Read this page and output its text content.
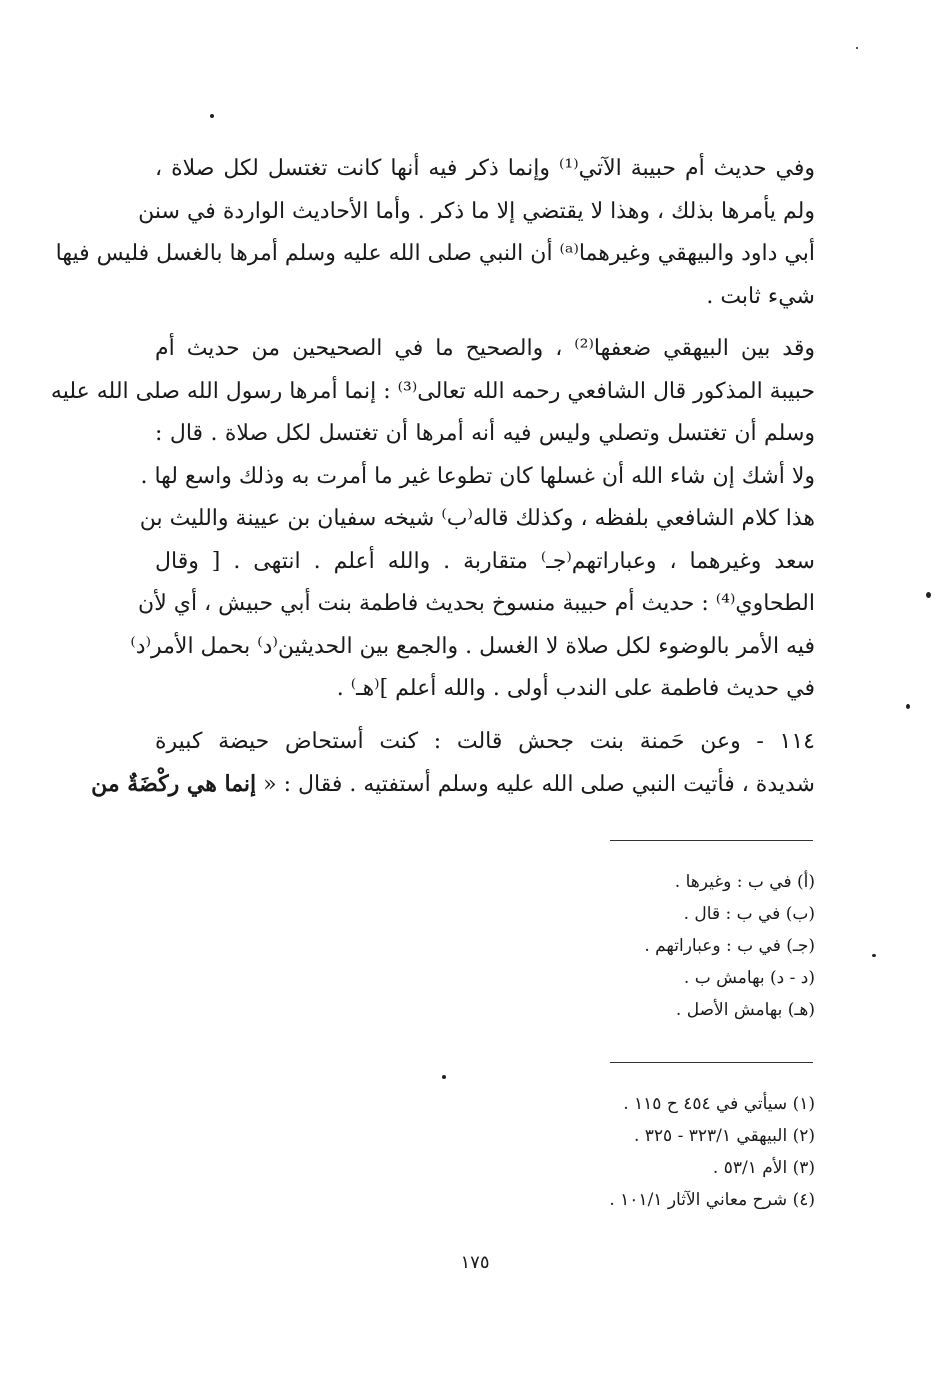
وفي حديث أم حبيبة الآتي⁽¹⁾ وإنما ذكر فيه أنها كانت تغتسل لكل صلاة ،
ولم يأمرها بذلك ، وهذا لا يقتضي إلا ما ذكر . وأما الأحاديث الواردة في سنن
أبي داود والبيهقي وغيرهما⁽ᵃ⁾ أن النبي صلى الله عليه وسلم أمرها بالغسل فليس فيها
شيء ثابت .
وقد بين البيهقي ضعفها⁽²⁾ ، والصحيح ما في الصحيحين من حديث أم
حبيبة المذكور قال الشافعي رحمه الله تعالى⁽³⁾ : إنما أمرها رسول الله صلى الله عليه
وسلم أن تغتسل وتصلي وليس فيه أنه أمرها أن تغتسل لكل صلاة . قال :
ولا أشك إن شاء الله أن غسلها كان تطوعا غير ما أمرت به وذلك واسع لها .
هذا كلام الشافعي بلفظه ، وكذلك قاله⁽ب⁾ شيخه سفيان بن عيينة والليث بن
سعد وغيرهما ، وعباراتهم⁽جـ⁾ متقاربة . والله أعلم . انتهى . [ وقال
الطحاوي⁽⁴⁾ : حديث أم حبيبة منسوخ بحديث فاطمة بنت أبي حبيش ، أي لأن
فيه الأمر بالوضوء لكل صلاة لا الغسل . والجمع بين الحديثين⁽د⁾ بحمل الأمر⁽د⁾
في حديث فاطمة على الندب أولى . والله أعلم ]⁽هـ⁾ .
١١٤ - وعن حَمنة بنت جحش قالت : كنت أستحاض حيضة كبيرة
شديدة ، فأتيت النبي صلى الله عليه وسلم أستفتيه . فقال : « إنما هي ركْضَةٌ من
(أ) في ب : وغيرها .
(ب) في ب : قال .
(جـ) في ب : وعباراتهم .
(د - د) بهامش ب .
(هـ) بهامش الأصل .
(١) سيأتي في ٤٥٤ ح ١١٥ .
(٢) البيهقي ٣٢٣/١ - ٣٢٥ .
(٣) الأم ٥٣/١ .
(٤) شرح معاني الآثار ١٠١/١ .
١٧٥
